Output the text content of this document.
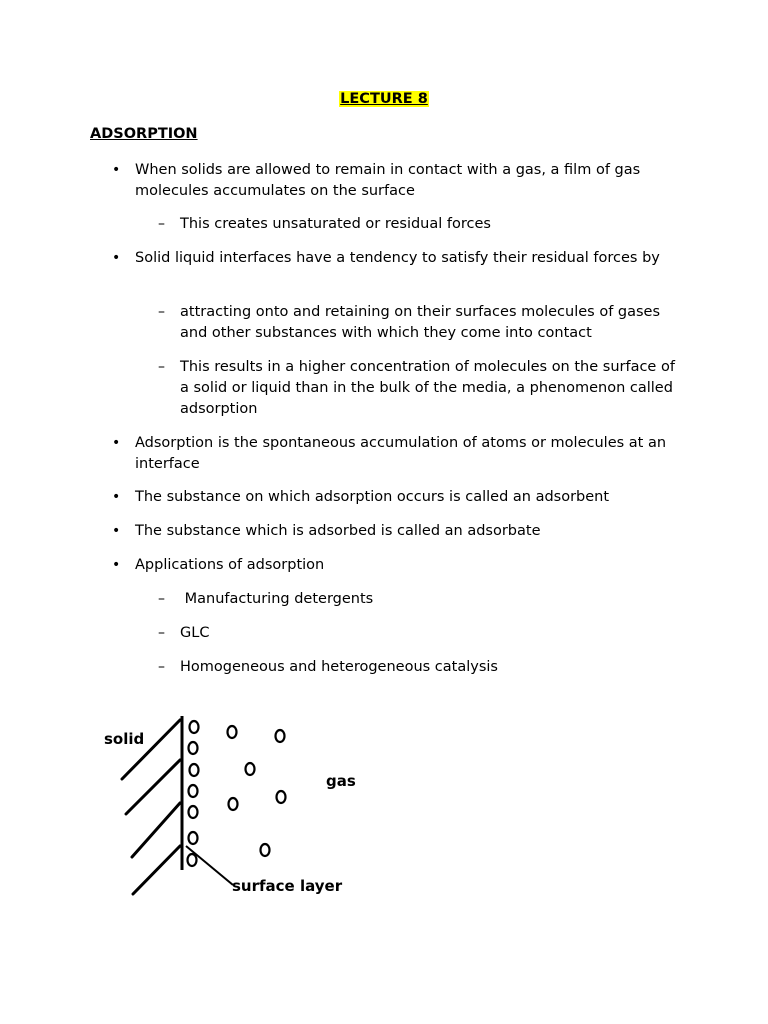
LECTURE 8
ADSORPTION
• When solids are allowed to remain in contact with a gas, a film of gas molecules accumulates on the surface
– This creates unsaturated or residual forces
• Solid liquid interfaces have a tendency to satisfy their residual forces by
– attracting onto and retaining on their surfaces molecules of gases and other substances with which they come into contact
– This results in a higher concentration of molecules on the surface of a solid or liquid than in the bulk of the media, a phenomenon called adsorption
• Adsorption is the spontaneous accumulation of atoms or molecules at an interface
• The substance on which adsorption occurs is called an adsorbent
• The substance which is adsorbed is called an adsorbate
• Applications of adsorption
– Manufacturing detergents
– GLC
– Homogeneous and heterogeneous catalysis
solid
gas
surface layer
